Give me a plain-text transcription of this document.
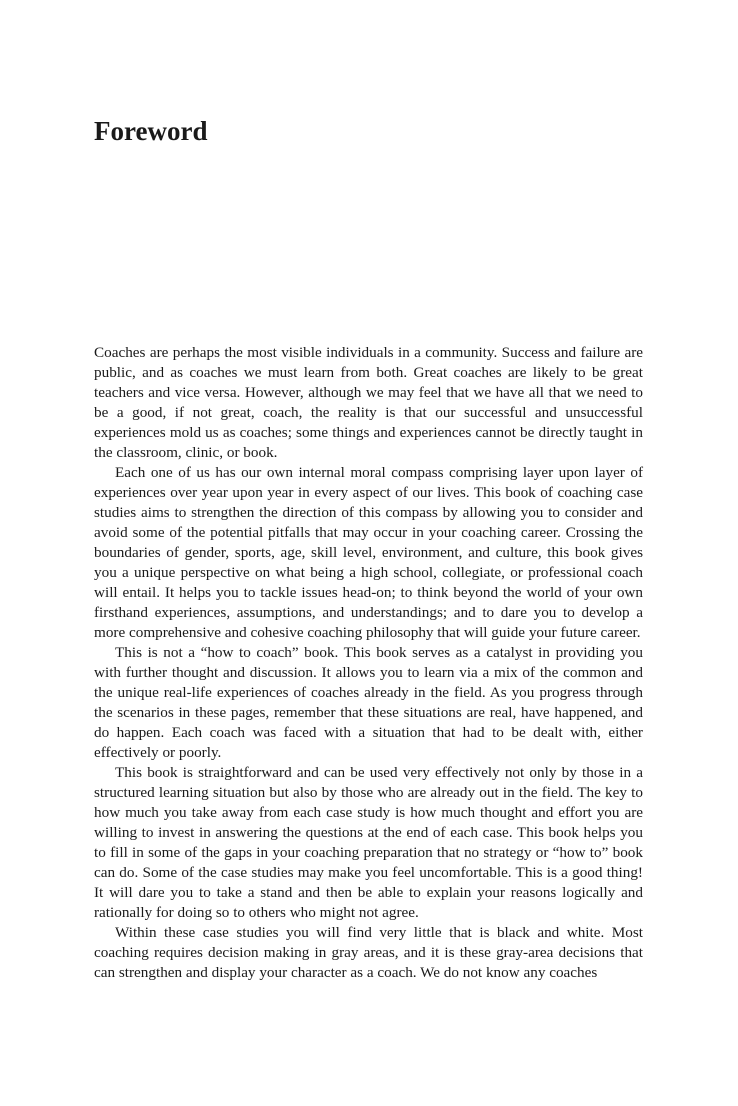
Foreword

Coaches are perhaps the most visible individuals in a community. Success and failure are public, and as coaches we must learn from both. Great coaches are likely to be great teachers and vice versa. However, although we may feel that we have all that we need to be a good, if not great, coach, the reality is that our successful and unsuccessful experiences mold us as coaches; some things and experiences cannot be directly taught in the classroom, clinic, or book.

Each one of us has our own internal moral compass comprising layer upon layer of experiences over year upon year in every aspect of our lives. This book of coaching case studies aims to strengthen the direction of this compass by allowing you to consider and avoid some of the potential pitfalls that may occur in your coaching career. Crossing the boundaries of gender, sports, age, skill level, environment, and culture, this book gives you a unique perspective on what being a high school, collegiate, or professional coach will entail. It helps you to tackle issues head-on; to think beyond the world of your own firsthand experiences, assumptions, and understandings; and to dare you to develop a more comprehensive and cohesive coaching philosophy that will guide your future career.

This is not a “how to coach” book. This book serves as a catalyst in providing you with further thought and discussion. It allows you to learn via a mix of the common and the unique real-life experiences of coaches already in the field. As you progress through the scenarios in these pages, remember that these situations are real, have happened, and do happen. Each coach was faced with a situation that had to be dealt with, either effectively or poorly.

This book is straightforward and can be used very effectively not only by those in a structured learning situation but also by those who are already out in the field. The key to how much you take away from each case study is how much thought and effort you are willing to invest in answering the questions at the end of each case. This book helps you to fill in some of the gaps in your coaching preparation that no strategy or “how to” book can do. Some of the case studies may make you feel uncomfortable. This is a good thing! It will dare you to take a stand and then be able to explain your reasons logically and rationally for doing so to others who might not agree.

Within these case studies you will find very little that is black and white. Most coaching requires decision making in gray areas, and it is these gray-area decisions that can strengthen and display your character as a coach. We do not know any coaches
